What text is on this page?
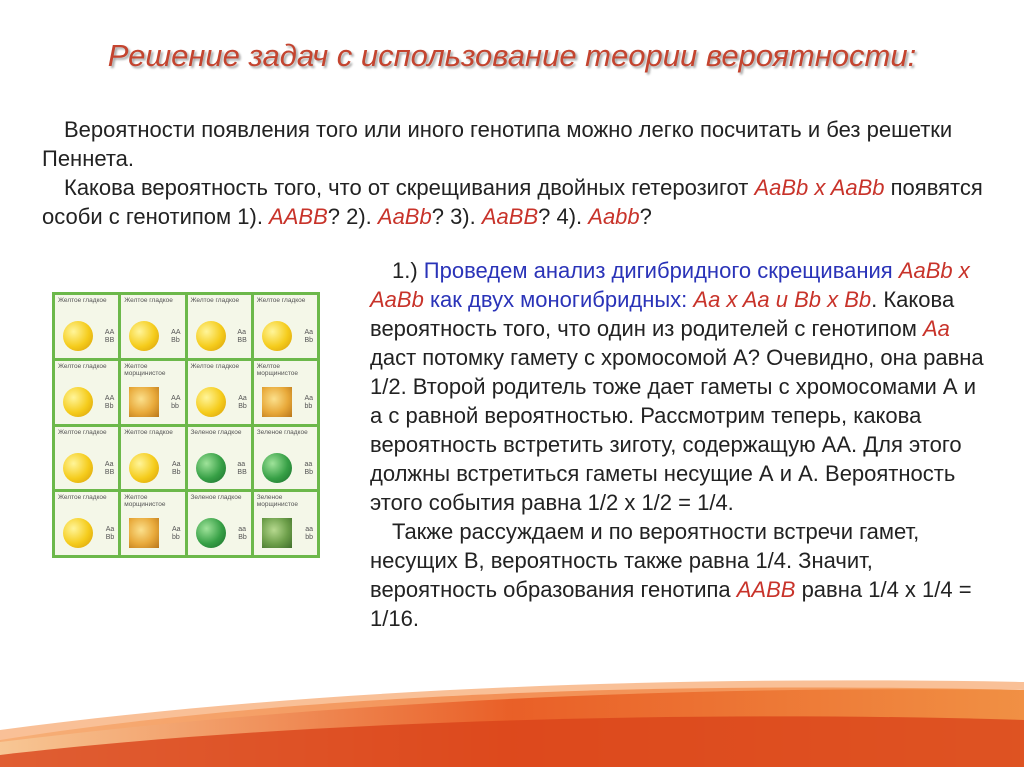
Решение задач с использование теории вероятности:

Вероятности появления того или иного генотипа можно легко посчитать и без решетки Пеннета.

Какова вероятность того, что от скрещивания двойных гетерозигот AaBb x AaBb появятся особи с генотипом 1). AABB? 2). AaBb? 3). AaBB? 4). Aabb?

Желтое гладкое
AA
BB
Желтое гладкое
AA
Bb
Желтое гладкое
Aa
BB
Желтое гладкое
Aa
Bb
Желтое гладкое
AA
Bb
Желтое морщинистое
AA
bb
Желтое гладкое
Aa
Bb
Желтое морщинистое
Aa
bb
Желтое гладкое
Aa
BB
Желтое гладкое
Aa
Bb
Зеленое гладкое
aa
BB
Зеленое гладкое
aa
Bb
Желтое гладкое
Aa
Bb
Желтое морщинистое
Aa
bb
Зеленое гладкое
aa
Bb
Зеленое морщинистое
aa
bb

1.) Проведем анализ дигибридного скрещивания AaBb x AaBb как двух моногибридных: Aa x Aa и Bb x Bb. Какова вероятность того, что один из родителей с генотипом Aa даст потомку гамету с хромосомой А? Очевидно, она равна 1/2. Второй родитель тоже дает гаметы с хромосомами А и а с равной вероятностью. Рассмотрим теперь, какова вероятность встретить зиготу, содержащую АА. Для этого должны встретиться гаметы несущие А и А. Вероятность этого события равна 1/2 х 1/2 = 1/4.

Также рассуждаем и по вероятности встречи гамет, несущих В, вероятность также равна 1/4. Значит, вероятность образования генотипа AABB равна 1/4 х 1/4 = 1/16.
